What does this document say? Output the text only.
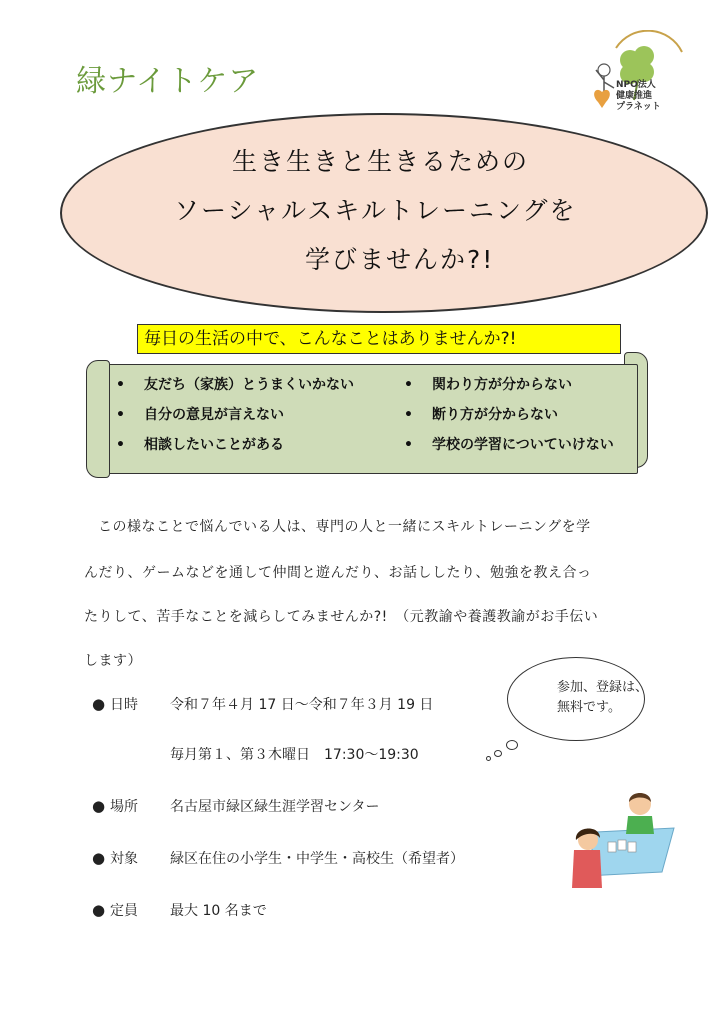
緑ナイトケア	NPO法人
健康推進
プラネット
生き生きと生きるための
ソーシャルスキルトレーニングを
学びませんか?!
毎日の生活の中で、こんなことはありませんか?!
• 友だち（家族）とうまくいかない	• 関わり方が分からない
• 自分の意見が言えない	• 断り方が分からない
• 相談したいことがある	• 学校の学習についていけない
この様なことで悩んでいる人は、専門の人と一緒にスキルトレーニングを学
んだり、ゲームなどを通して仲間と遊んだり、お話ししたり、勉強を教え合っ
たりして、苦手なことを減らしてみませんか?!　（元教諭や養護教諭がお手伝い
します）
● 日時 令和７年４月 17 日～令和７年３月 19 日
毎月第１、第３木曜日　17:30～19:30
● 場所 名古屋市緑区緑生涯学習センター
● 対象 緑区在住の小学生・中学生・高校生（希望者）
● 定員 最大 10 名まで
参加、登録は、
無料です。
